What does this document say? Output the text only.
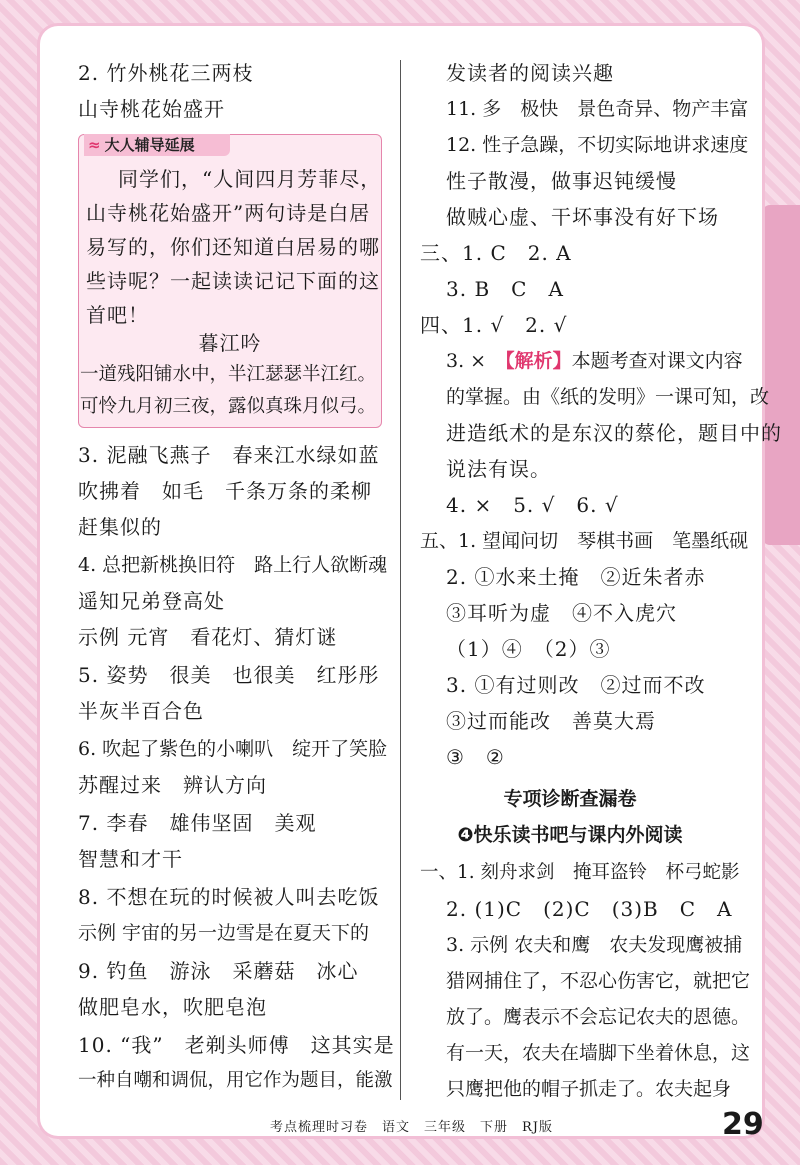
2. 竹外桃花三两枝
山寺桃花始盛开
≈ 大人辅导延展
同学们，“人间四月芳菲尽，
山寺桃花始盛开”两句诗是白居
易写的，你们还知道白居易的哪
些诗呢？一起读读记记下面的这
首吧！
暮江吟
一道残阳铺水中，半江瑟瑟半江红。
可怜九月初三夜，露似真珠月似弓。
3. 泥融飞燕子　春来江水绿如蓝
吹拂着　如毛　千条万条的柔柳
赶集似的
4. 总把新桃换旧符　路上行人欲断魂
遥知兄弟登高处
示例 元宵　看花灯、猜灯谜
5. 姿势　很美　也很美　红彤彤
半灰半百合色
6. 吹起了紫色的小喇叭　绽开了笑脸
苏醒过来　辨认方向
7. 李春　雄伟坚固　美观
智慧和才干
8. 不想在玩的时候被人叫去吃饭
示例 宇宙的另一边雪是在夏天下的
9. 钓鱼　游泳　采蘑菇　冰心
做肥皂水，吹肥皂泡
10. “我”　老剃头师傅　这其实是
一种自嘲和调侃，用它作为题目，能激
发读者的阅读兴趣
11. 多　极快　景色奇异、物产丰富
12. 性子急躁，不切实际地讲求速度
性子散漫，做事迟钝缓慢
做贼心虚、干坏事没有好下场
三、1. C　2. A
3. B　C　A
四、1. √　2. √
3. ×　【解析】本题考查对课文内容
的掌握。由《纸的发明》一课可知，改
进造纸术的是东汉的蔡伦，题目中的
说法有误。
4. ×　5. √　6. √
五、1. 望闻问切　琴棋书画　笔墨纸砚
2. ①水来土掩　②近朱者赤
③耳听为虚　④不入虎穴
（1）④　（2）③
3. ①有过则改　②过而不改
③过而能改　善莫大焉
③　②
专项诊断查漏卷
❹快乐读书吧与课内外阅读
一、1. 刻舟求剑　掩耳盗铃　杯弓蛇影
2. (1)C　(2)C　(3)B　C　A
3. 示例 农夫和鹰　农夫发现鹰被捕
猎网捕住了，不忍心伤害它，就把它
放了。鹰表示不会忘记农夫的恩德。
有一天，农夫在墙脚下坐着休息，这
只鹰把他的帽子抓走了。农夫起身
考点梳理时习卷　语文　三年级　下册　RJ版	29
